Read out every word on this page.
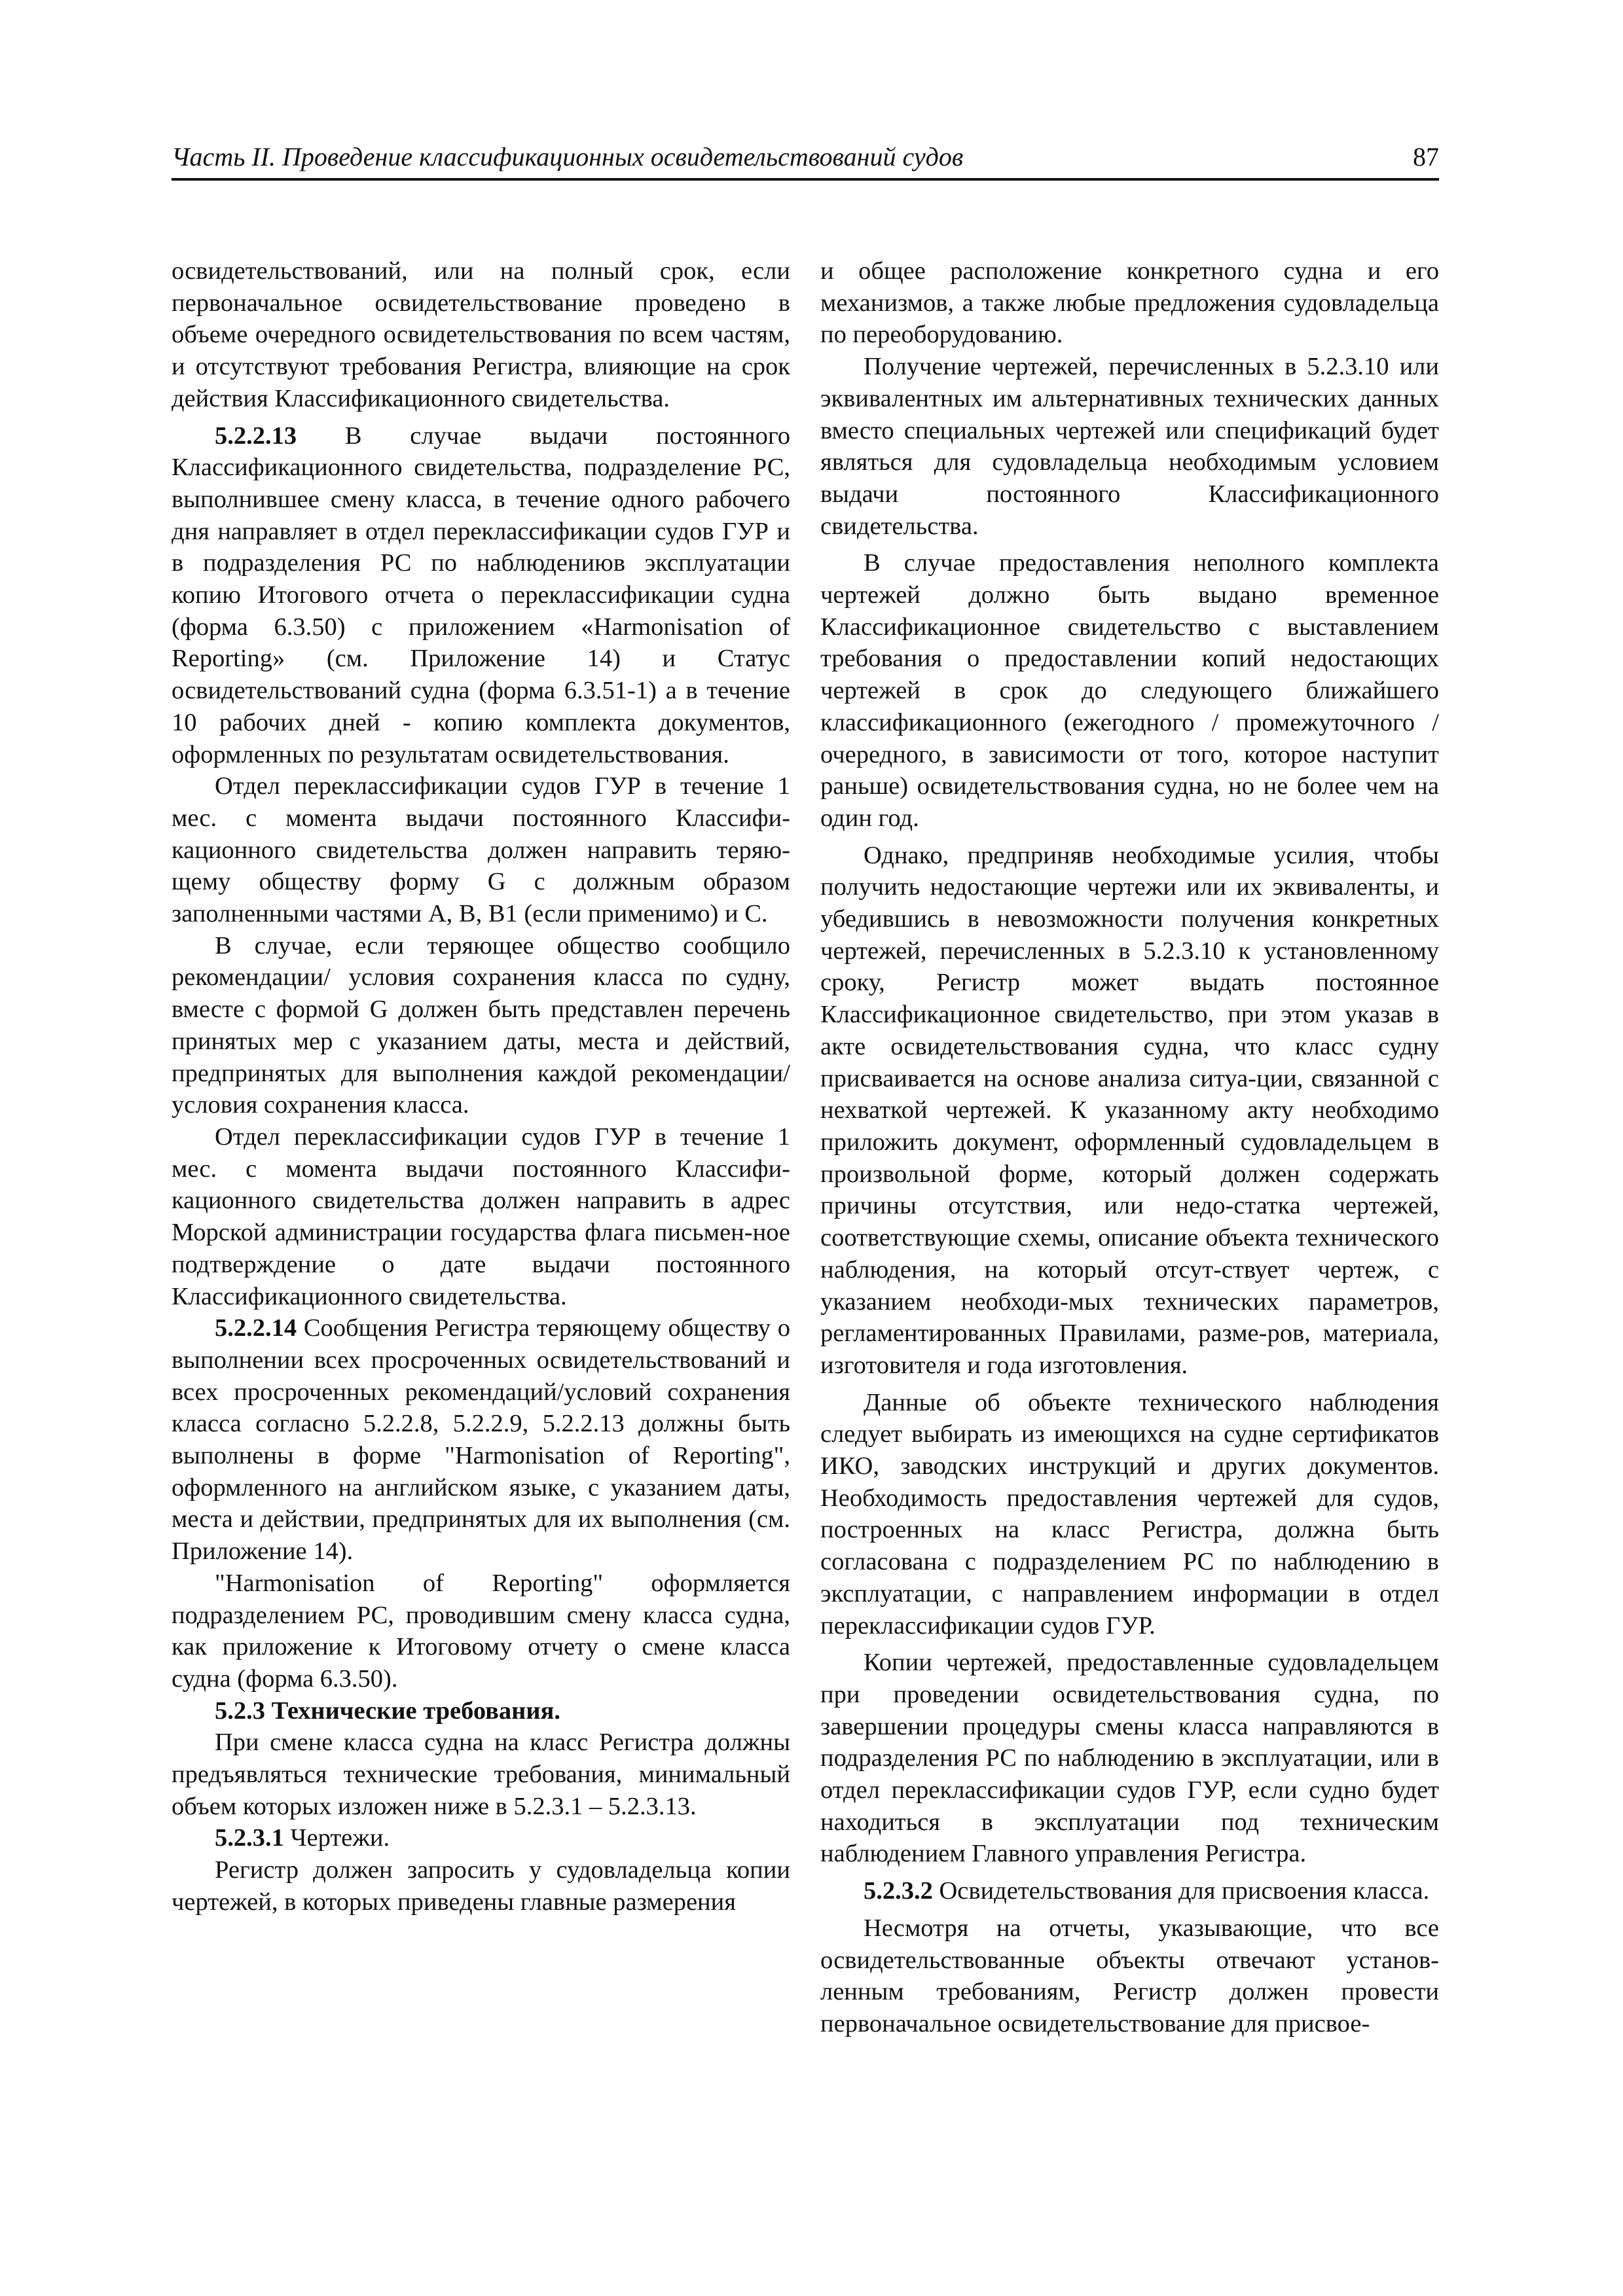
Часть II. Проведение классификационных освидетельствований судов	87

освидетельствований, или на полный срок, если первоначальное освидетельствование проведено в объеме очередного освидетельствования по всем частям, и отсутствуют требования Регистра, влияющие на срок действия Классификационного свидетельства.

5.2.2.13 В случае выдачи постоянного Классификационного свидетельства, подразделение РС, выполнившее смену класса, в течение одного рабочего дня направляет в отдел переклассификации судов ГУР и в подразделения РС по наблюдениюв эксплуатации копию Итогового отчета о переклассификации судна (форма 6.3.50) с приложением «Harmonisation of Reporting» (см. Приложение 14) и Статус освидетельствований судна (форма 6.3.51-1) а в течение 10 рабочих дней - копию комплекта документов, оформленных по результатам освидетельствования.

Отдел переклассификации судов ГУР в течение 1 мес. с момента выдачи постоянного Классифи-кационного свидетельства должен направить теряю-щему обществу форму G с должным образом заполненными частями А, В, В1 (если применимо) и С.

В случае, если теряющее общество сообщило рекомендации/ условия сохранения класса по судну, вместе с формой G должен быть представлен перечень принятых мер с указанием даты, места и действий, предпринятых для выполнения каждой рекомендации/условия сохранения класса.

Отдел переклассификации судов ГУР в течение 1 мес. с момента выдачи постоянного Классифи-кационного свидетельства должен направить в адрес Морской администрации государства флага письмен-ное подтверждение о дате выдачи постоянного Классификационного свидетельства.

5.2.2.14 Сообщения Регистра теряющему обществу о выполнении всех просроченных освидетельствований и всех просроченных рекомендаций/условий сохранения класса согласно 5.2.2.8, 5.2.2.9, 5.2.2.13 должны быть выполнены в форме "Harmonisation of Reporting", оформленного на английском языке, с указанием даты, места и действии, предпринятых для их выполнения (см. Приложение 14).

"Harmonisation of Reporting" оформляется подразделением РС, проводившим смену класса судна, как приложение к Итоговому отчету о смене класса судна (форма 6.3.50).

5.2.3 Технические требования.

При смене класса судна на класс Регистра должны предъявляться технические требования, минимальный объем которых изложен ниже в 5.2.3.1 – 5.2.3.13.

5.2.3.1 Чертежи.

Регистр должен запросить у судовладельца копии чертежей, в которых приведены главные размерения

и общее расположение конкретного судна и его механизмов, а также любые предложения судовладельца по переоборудованию.

Получение чертежей, перечисленных в 5.2.3.10 или эквивалентных им альтернативных технических данных вместо специальных чертежей или спецификаций будет являться для судовладельца необходимым условием выдачи постоянного Классификационного свидетельства.

В случае предоставления неполного комплекта чертежей должно быть выдано временное Классификационное свидетельство с выставлением требования о предоставлении копий недостающих чертежей в срок до следующего ближайшего классификационного (ежегодного / промежуточного / очередного, в зависимости от того, которое наступит раньше) освидетельствования судна, но не более чем на один год.

Однако, предприняв необходимые усилия, чтобы получить недостающие чертежи или их эквиваленты, и убедившись в невозможности получения конкретных чертежей, перечисленных в 5.2.3.10 к установленному сроку, Регистр может выдать постоянное Классификационное свидетельство, при этом указав в акте освидетельствования судна, что класс судну присваивается на основе анализа ситуа-ции, связанной с нехваткой чертежей. К указанному акту необходимо приложить документ, оформленный судовладельцем в произвольной форме, который должен содержать причины отсутствия, или недо-статка чертежей, соответствующие схемы, описание объекта технического наблюдения, на который отсут-ствует чертеж, с указанием необходи-мых технических параметров, регламентированных Правилами, разме-ров, материала, изготовителя и года изготовления.

Данные об объекте технического наблюдения следует выбирать из имеющихся на судне сертификатов ИКО, заводских инструкций и других документов. Необходимость предоставления чертежей для судов, построенных на класс Регистра, должна быть согласована с подразделением РС по наблюдению в эксплуатации, с направлением информации в отдел переклассификации судов ГУР.

Копии чертежей, предоставленные судовладельцем при проведении освидетельствования судна, по завершении процедуры смены класса направляются в подразделения РС по наблюдению в эксплуатации, или в отдел переклассификации судов ГУР, если судно будет находиться в эксплуатации под техническим наблюдением Главного управления Регистра.

5.2.3.2 Освидетельствования для присвоения класса.

Несмотря на отчеты, указывающие, что все освидетельствованные объекты отвечают установ-ленным требованиям, Регистр должен провести первоначальное освидетельствование для присвое-
